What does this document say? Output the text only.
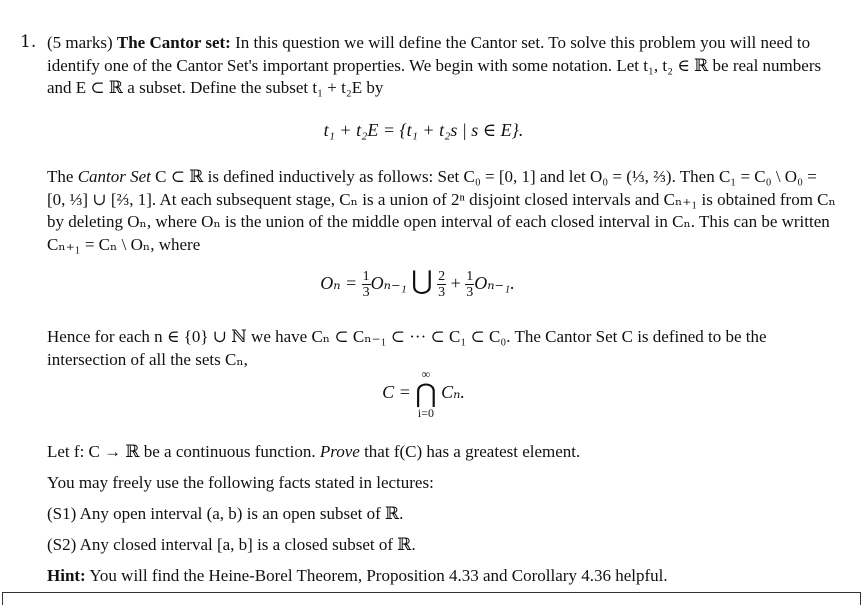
1. (5 marks) The Cantor set: In this question we will define the Cantor set. To solve this problem you will need to identify one of the Cantor Set's important properties. We begin with some notation. Let t₁, t₂ ∈ ℝ be real numbers and E ⊂ ℝ a subset. Define the subset t₁ + t₂E by
t₁ + t₂E = {t₁ + t₂s | s ∈ E}.
The Cantor Set C ⊂ ℝ is defined inductively as follows: Set C₀ = [0, 1] and let O₀ = (⅓, ⅔). Then C₁ = C₀ \ O₀ = [0, ⅓] ∪ [⅔, 1]. At each subsequent stage, Cₙ is a union of 2ⁿ disjoint closed intervals and Cₙ₊₁ is obtained from Cₙ by deleting Oₙ, where Oₙ is the union of the middle open interval of each closed interval in Cₙ. This can be written Cₙ₊₁ = Cₙ \ Oₙ, where
$O_n = \frac{1}{3} O_{n-1}$ ⋃ $\frac{2}{3} + \frac{1}{3} O_{n-1}$.
Hence for each n ∈ {0} ∪ ℕ we have Cₙ ⊂ Cₙ₋₁ ⊂ ··· ⊂ C₁ ⊂ C₀. The Cantor Set C is defined to be the intersection of all the sets Cₙ,
C =
∞
⋂
i=0
Cₙ.
Let f: C → ℝ be a continuous function. Prove that f(C) has a greatest element.
You may freely use the following facts stated in lectures:
(S1) Any open interval (a, b) is an open subset of ℝ.
(S2) Any closed interval [a, b] is a closed subset of ℝ.
Hint: You will find the Heine-Borel Theorem, Proposition 4.33 and Corollary 4.36 helpful.
